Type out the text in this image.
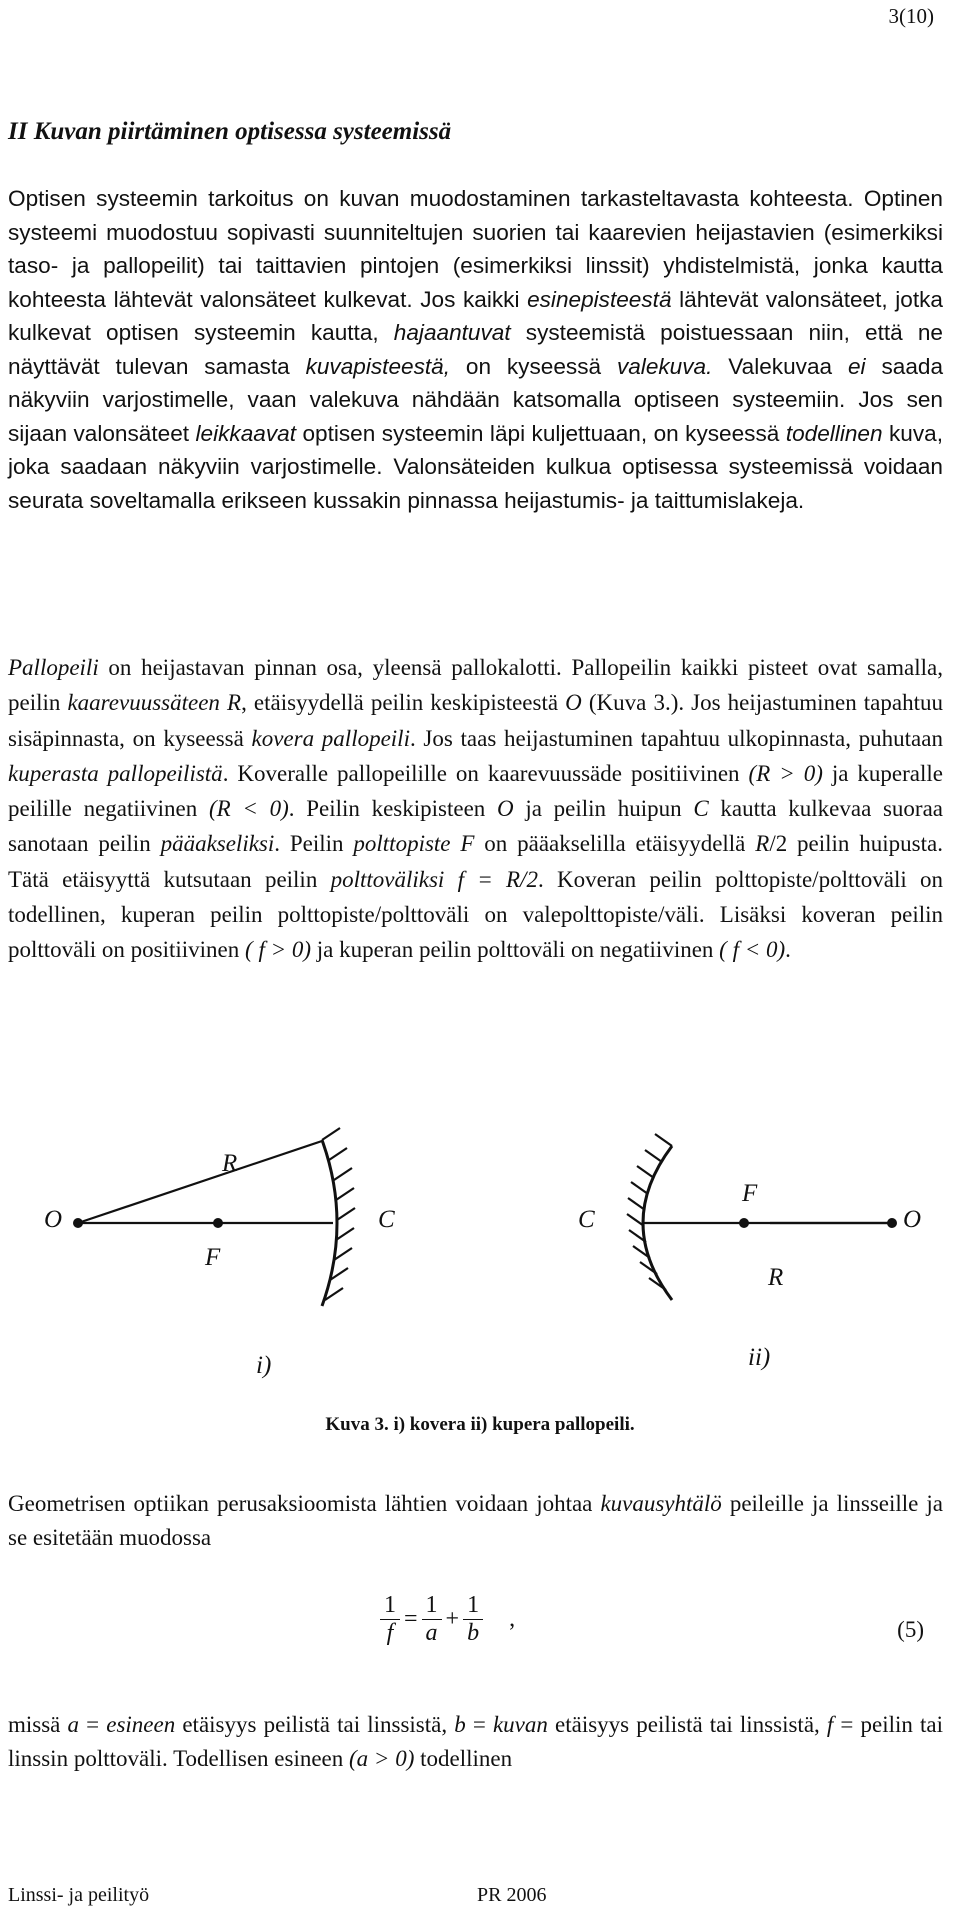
3(10)
II Kuvan piirtäminen optisessa systeemissä

Optisen systeemin tarkoitus on kuvan muodostaminen tarkasteltavasta kohteesta. Optinen systeemi muodostuu sopivasti suunniteltujen suorien tai kaarevien heijastavien (esimerkiksi taso- ja pallopeilit) tai taittavien pintojen (esimerkiksi linssit) yhdistelmistä, jonka kautta kohteesta lähtevät valonsäteet kulkevat. Jos kaikki esinepisteestä lähtevät valonsäteet, jotka kulkevat optisen systeemin kautta, hajaantuvat systeemistä poistuessaan niin, että ne näyttävät tulevan samasta kuvapisteestä, on kyseessä valekuva. Valekuvaa ei saada näkyviin varjostimelle, vaan valekuva nähdään katsomalla optiseen systeemiin. Jos sen sijaan valonsäteet leikkaavat optisen systeemin läpi kuljettuaan, on kyseessä todellinen kuva, joka saadaan näkyviin varjostimelle. Valonsäteiden kulkua optisessa systeemissä voidaan seurata soveltamalla erikseen kussakin pinnassa heijastumis- ja taittumislakeja.

Pallopeili on heijastavan pinnan osa, yleensä pallokalotti. Pallopeilin kaikki pisteet ovat samalla, peilin kaarevuussäteen R, etäisyydellä peilin keskipisteestä O (Kuva 3.). Jos heijastuminen tapahtuu sisäpinnasta, on kyseessä kovera pallopeili. Jos taas heijastuminen tapahtuu ulkopinnasta, puhutaan kuperasta pallopeilistä. Koveralle pallopeilille on kaarevuussäde positiivinen (R > 0) ja kuperalle peilille negatiivinen (R < 0). Peilin keskipisteen O ja peilin huipun C kautta kulkevaa suoraa sanotaan peilin pääakseliksi. Peilin polttopiste F on pääakselilla etäisyydellä R/2 peilin huipusta. Tätä etäisyyttä kutsutaan peilin polttoväliksi f = R/2. Koveran peilin polttopiste/polttoväli on todellinen, kuperan peilin polttopiste/polttoväli on valepolttopiste/väli. Lisäksi koveran peilin polttoväli on positiivinen ( f > 0) ja kuperan peilin polttoväli on negatiivinen ( f < 0).

O
R
C
F
C
F
O
R
i)	ii)
Kuva 3. i) kovera ii) kupera pallopeili.

Geometrisen optiikan perusaksioomista lähtien voidaan johtaa kuvausyhtälö peileille ja linsseille ja se esitetään muodossa

$\frac{1}{f} = \frac{1}{a} + \frac{1}{b}$ ,	(5)

missä a = esineen etäisyys peilistä tai linssistä, b = kuvan etäisyys peilistä tai linssistä, f = peilin tai linssin polttoväli. Todellisen esineen (a > 0) todellinen

Linssi- ja peilityö	PR 2006
